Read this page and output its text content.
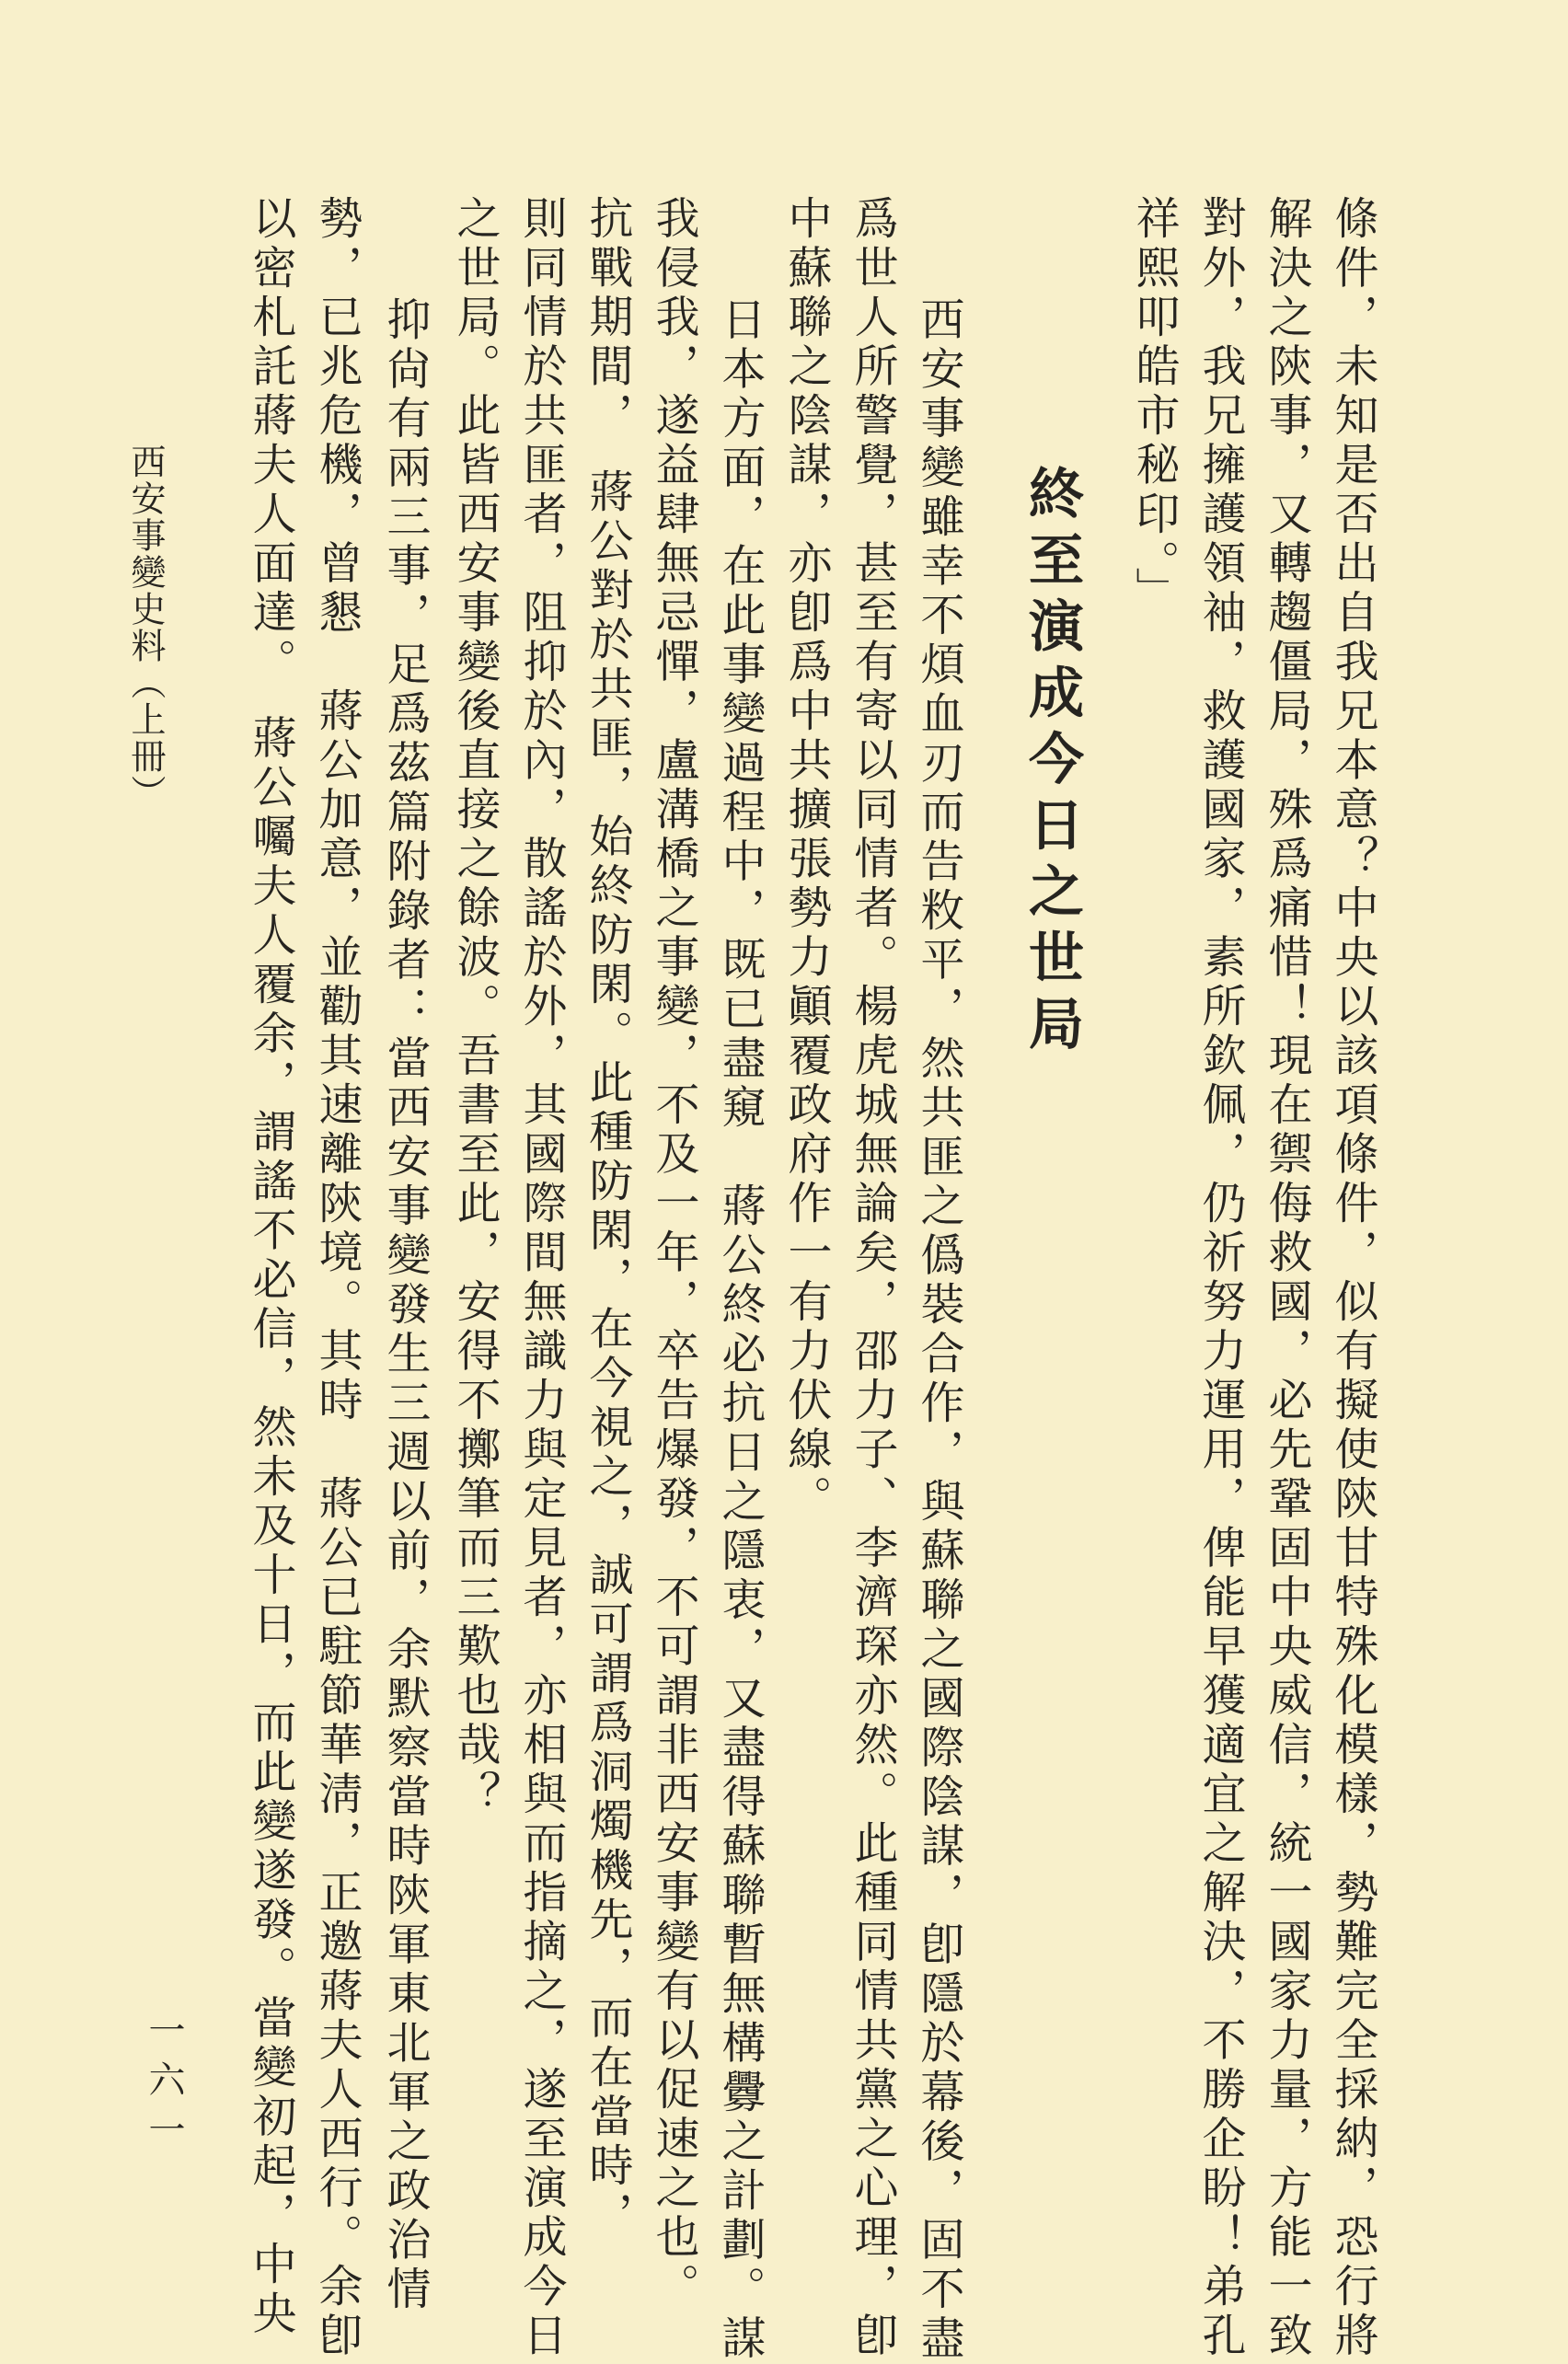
條件，未知是否出自我兄本意？中央以該項條件，似有擬使陝甘特殊化模樣，勢難完全採納，恐行將
解決之陝事，又轉趨僵局，殊爲痛惜！現在禦侮救國，必先鞏固中央威信，統一國家力量，方能一致
對外，我兄擁護領袖，救護國家，素所欽佩，仍祈努力運用，俾能早獲適宜之解決，不勝企盼！弟孔
祥熙叩皓市秘印。」
終至演成今日之世局
西安事變雖幸不煩血刃而告敉平，然共匪之僞裝合作，與蘇聯之國際陰謀，卽隱於幕後，固不盡
爲世人所警覺，甚至有寄以同情者。楊虎城無論矣，邵力子、李濟琛亦然。此種同情共黨之心理，卽
中蘇聯之陰謀，亦卽爲中共擴張勢力顚覆政府作一有力伏線。
日本方面，在此事變過程中，既已盡窺　蔣公終必抗日之隱衷，又盡得蘇聯暫無構釁之計劃。謀
我侵我，遂益肆無忌憚，盧溝橋之事變，不及一年，卒告爆發，不可謂非西安事變有以促速之也。
抗戰期間，　蔣公對於共匪，始終防閑。此種防閑，在今視之，誠可謂爲洞燭機先，而在當時，
則同情於共匪者，阻抑於內，散謠於外，其國際間無識力與定見者，亦相與而指摘之，遂至演成今日
之世局。此皆西安事變後直接之餘波。吾書至此，安得不擲筆而三歎也哉？
抑尙有兩三事，足爲茲篇附錄者：當西安事變發生三週以前，余默察當時陝軍東北軍之政治情
勢，已兆危機，曾懇　蔣公加意，並勸其速離陝境。其時　蔣公已駐節華淸，正邀蔣夫人西行。余卽
以密札託蔣夫人面達。　蔣公囑夫人覆余，謂謠不必信，然未及十日，而此變遂發。當變初起，中央
西安事變史料（上冊）
一六一
